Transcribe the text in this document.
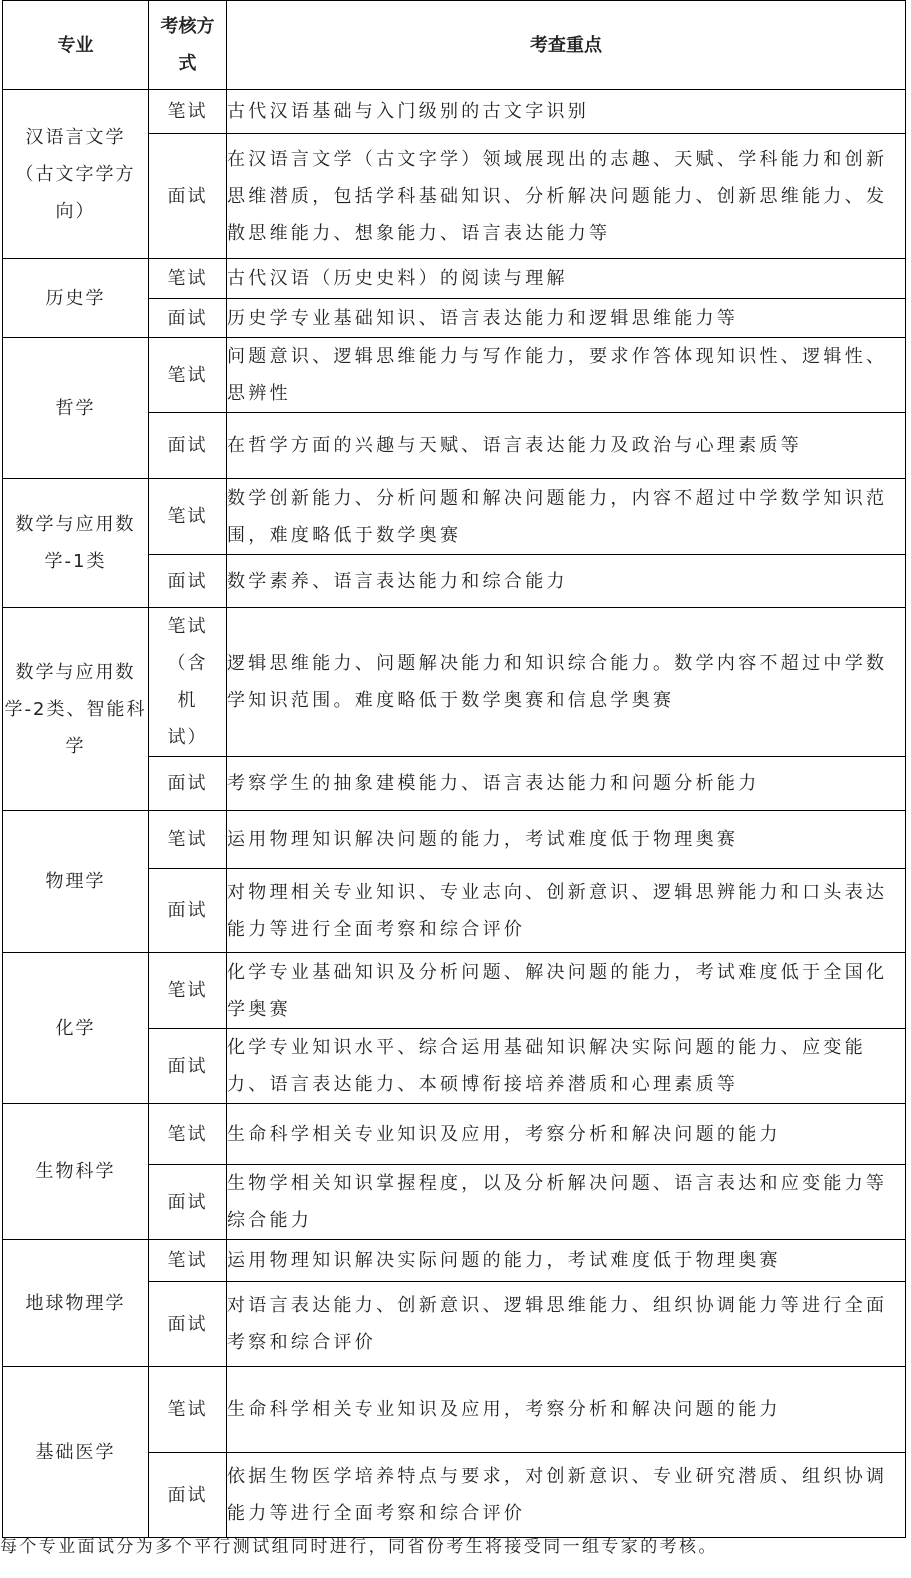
专业	考核方式	考查重点
汉语言文学（古文字学方向）	笔试	古代汉语基础与入门级别的古文字识别
	面试	在汉语言文学（古文字学）领域展现出的志趣、天赋、学科能力和创新思维潜质，包括学科基础知识、分析解决问题能力、创新思维能力、发散思维能力、想象能力、语言表达能力等
历史学	笔试	古代汉语（历史史料）的阅读与理解
	面试	历史学专业基础知识、语言表达能力和逻辑思维能力等
哲学	笔试	问题意识、逻辑思维能力与写作能力，要求作答体现知识性、逻辑性、思辨性
	面试	在哲学方面的兴趣与天赋、语言表达能力及政治与心理素质等
数学与应用数学-1类	笔试	数学创新能力、分析问题和解决问题能力，内容不超过中学数学知识范围，难度略低于数学奥赛
	面试	数学素养、语言表达能力和综合能力
数学与应用数学-2类、智能科学	笔试（含机试）	逻辑思维能力、问题解决能力和知识综合能力。数学内容不超过中学数学知识范围。难度略低于数学奥赛和信息学奥赛
	面试	考察学生的抽象建模能力、语言表达能力和问题分析能力
物理学	笔试	运用物理知识解决问题的能力，考试难度低于物理奥赛
	面试	对物理相关专业知识、专业志向、创新意识、逻辑思辨能力和口头表达能力等进行全面考察和综合评价
化学	笔试	化学专业基础知识及分析问题、解决问题的能力，考试难度低于全国化学奥赛
	面试	化学专业知识水平、综合运用基础知识解决实际问题的能力、应变能力、语言表达能力、本硕博衔接培养潜质和心理素质等
生物科学	笔试	生命科学相关专业知识及应用，考察分析和解决问题的能力
	面试	生物学相关知识掌握程度，以及分析解决问题、语言表达和应变能力等综合能力
地球物理学	笔试	运用物理知识解决实际问题的能力，考试难度低于物理奥赛
	面试	对语言表达能力、创新意识、逻辑思维能力、组织协调能力等进行全面考察和综合评价
基础医学	笔试	生命科学相关专业知识及应用，考察分析和解决问题的能力
	面试	依据生物医学培养特点与要求，对创新意识、专业研究潜质、组织协调能力等进行全面考察和综合评价
每个专业面试分为多个平行测试组同时进行，同省份考生将接受同一组专家的考核。
